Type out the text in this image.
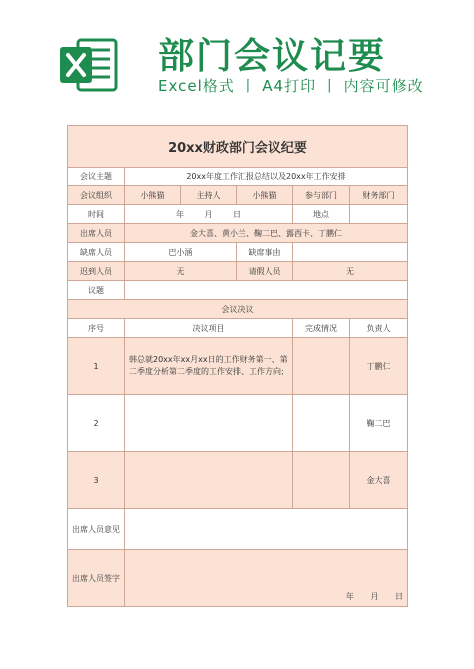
部门会议记要
Excel格式 丨 A4打印 丨 内容可修改
20xx财政部门会议纪要					
会议主题	20xx年度工作汇报总结以及20xx年工作安排				
会议组织	小熊猫	主持人	小熊猫	参与部门	财务部门
时间	年 月 日			地点	
出席人员	金大喜、黄小兰、鞠二巴、露西卡、丁鹏仁				
缺席人员	巴小涵		缺席事由		
迟到人员	无		请假人员	无	
议题					
会议决议					
序号	决议项目			完成情况	负责人
1	韩总就20xx年xx月xx日的工作财务第一、第二季度分析第二季度的工作安排、工作方向;				丁鹏仁
2					鞠二巴
3					金大喜
出席人员意见					
出席人员签字	年 月 日				
